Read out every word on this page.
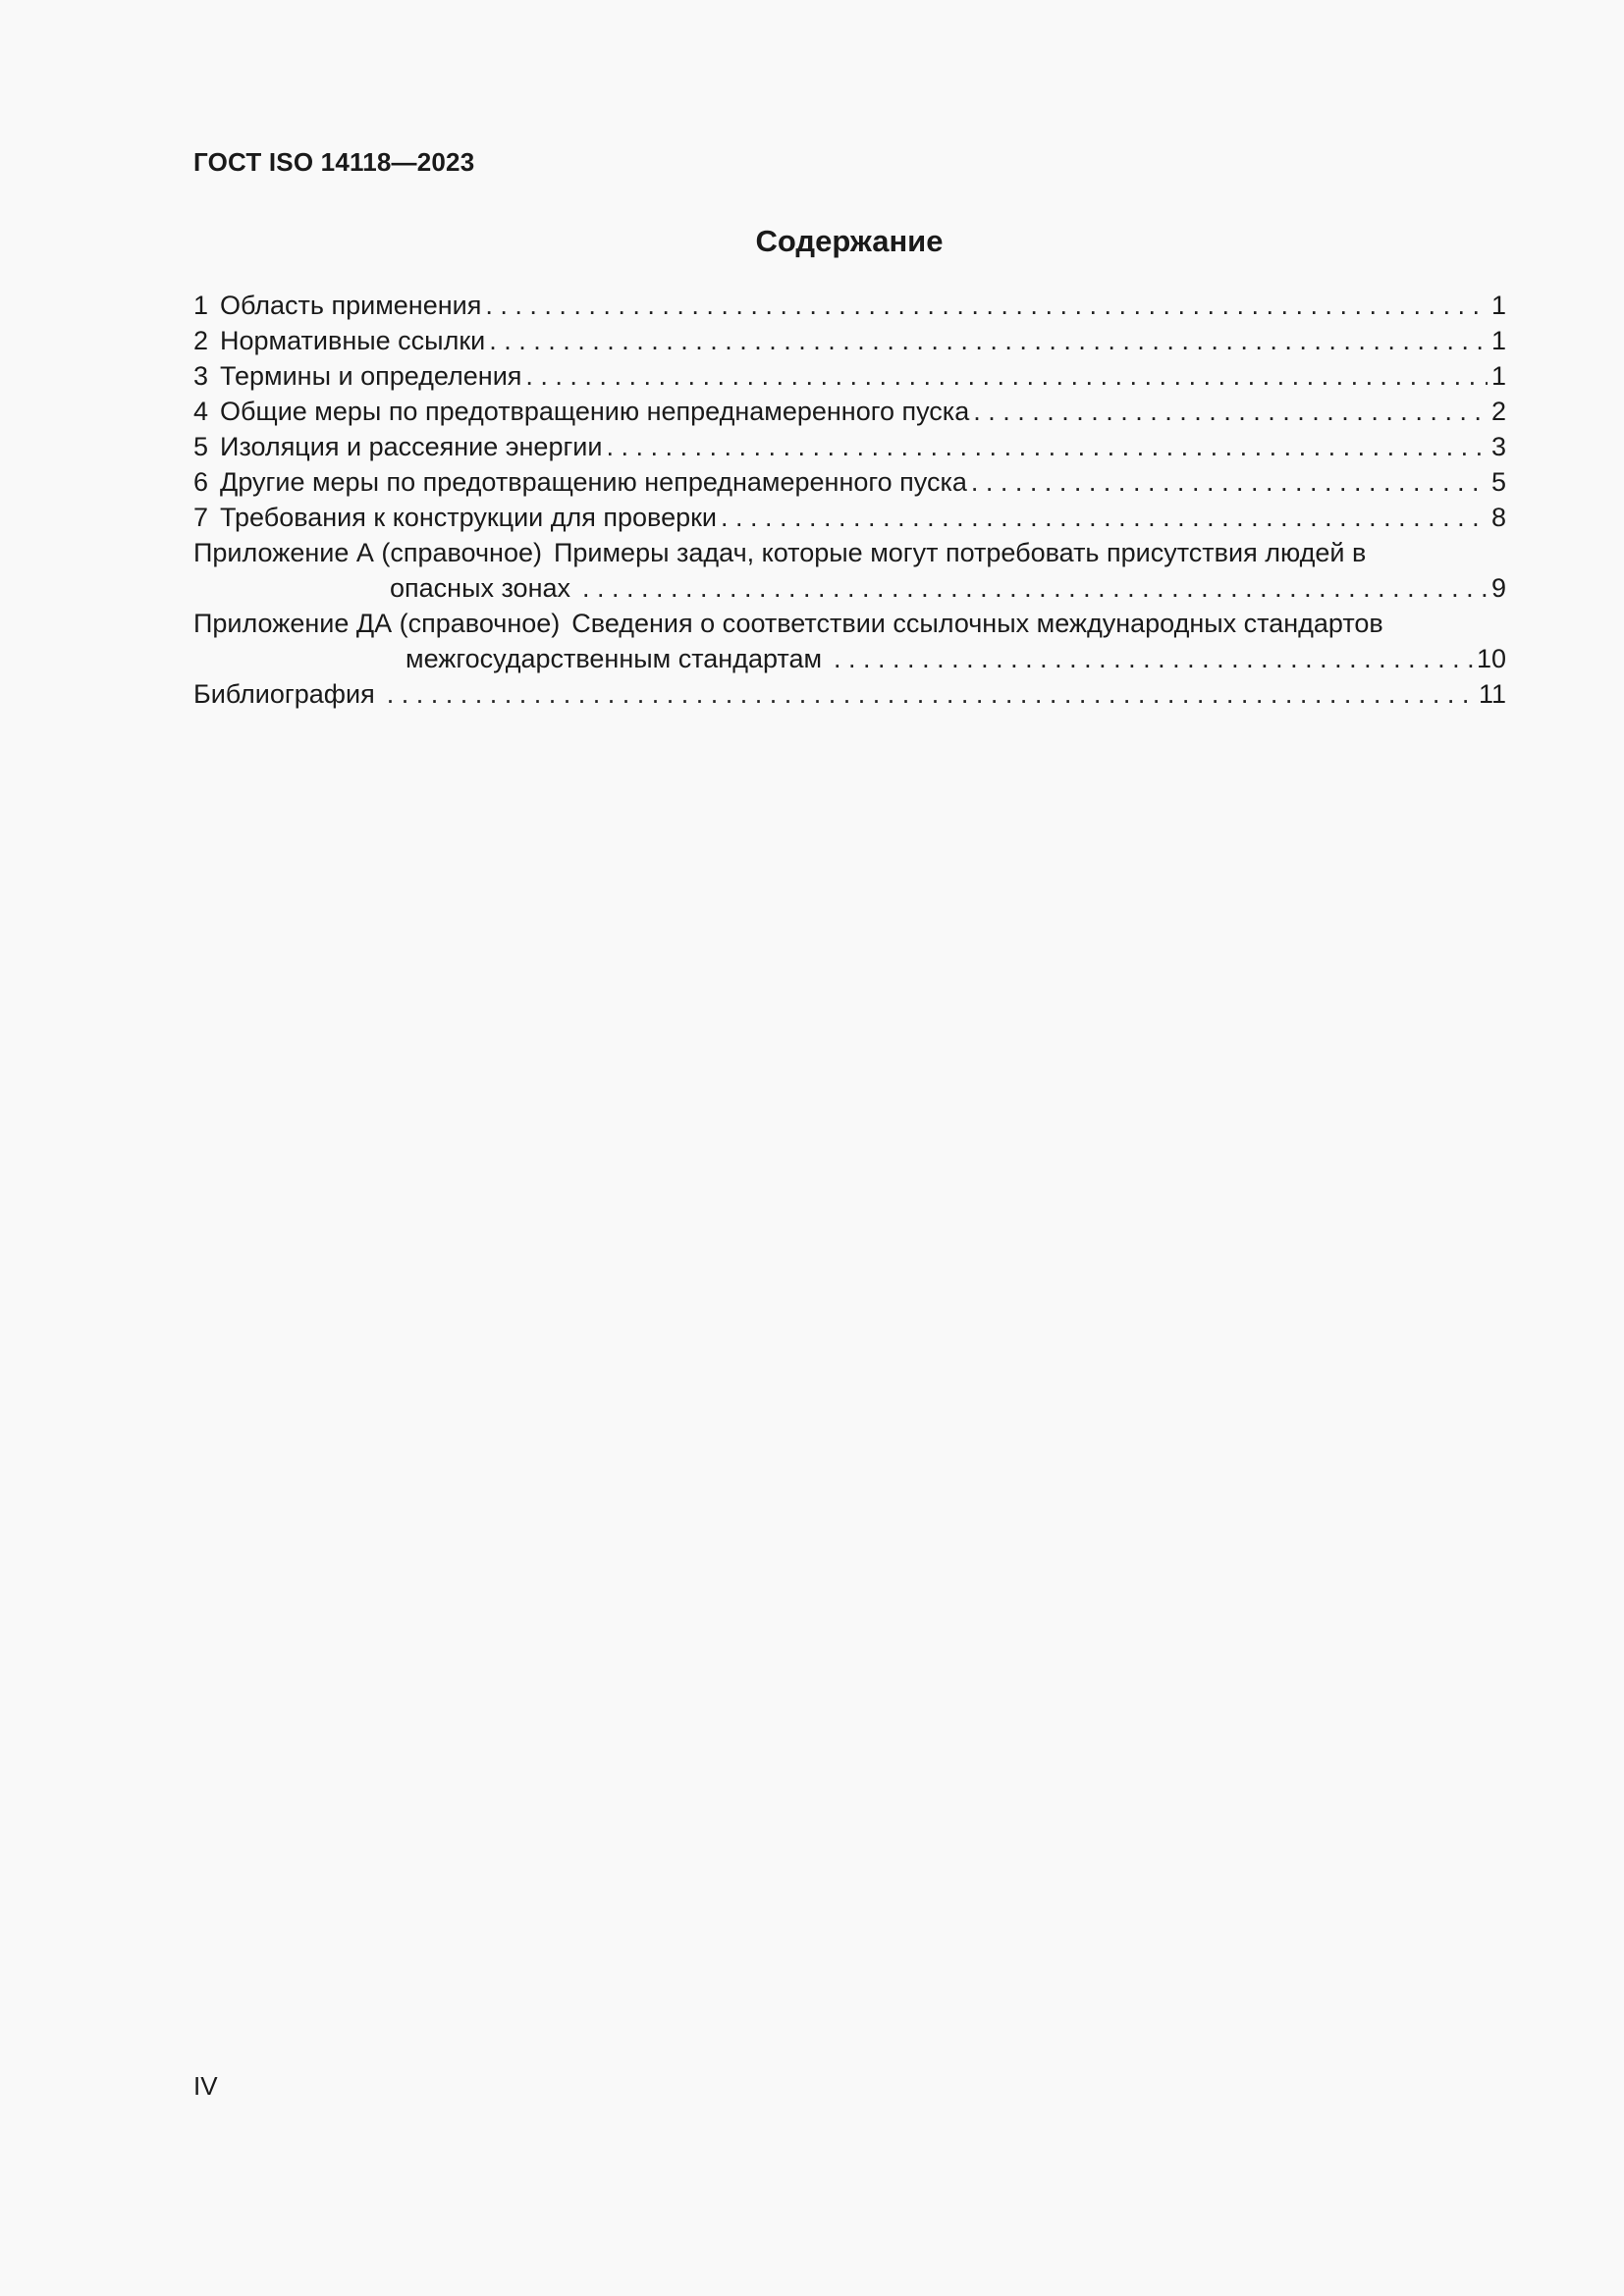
ГОСТ ISO 14118—2023
Содержание
1 Область применения . . .	1
2 Нормативные ссылки . . .	1
3 Термины и определения . . .	1
4 Общие меры по предотвращению непреднамеренного пуска . . .	2
5 Изоляция и рассеяние энергии . . .	3
6 Другие меры по предотвращению непреднамеренного пуска . . .	5
7 Требования к конструкции для проверки . . .	8
Приложение А (справочное) Примеры задач, которые могут потребовать присутствия людей в
опасных зонах . . .	9
Приложение ДА (справочное) Сведения о соответствии ссылочных международных стандартов
межгосударственным стандартам . . .	10
Библиография . . .	11
IV
